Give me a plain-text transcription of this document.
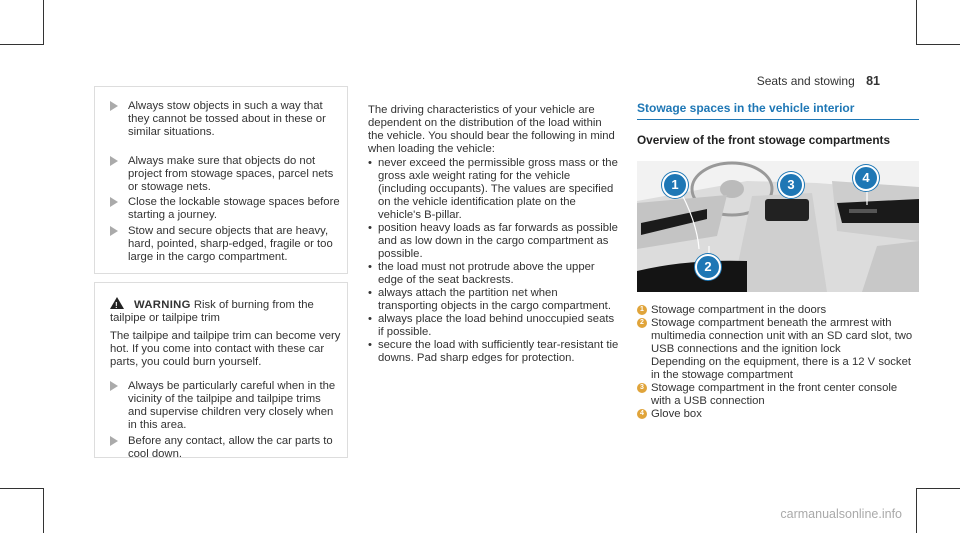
Seats and stowing 81
Always stow objects in such a way that they cannot be tossed about in these or similar situations.
Always make sure that objects do not project from stowage spaces, parcel nets or stowage nets.
Close the lockable stowage spaces before starting a journey.
Stow and secure objects that are heavy, hard, pointed, sharp-edged, fragile or too large in the cargo compartment.
!WARNING Risk of burning from the tailpipe or tailpipe trim
The tailpipe and tailpipe trim can become very hot. If you come into contact with these car parts, you could burn yourself.
Always be particularly careful when in the vicinity of the tailpipe and tailpipe trims and supervise children very closely when in this area.
Before any contact, allow the car parts to cool down.
The driving characteristics of your vehicle are dependent on the distribution of the load within the vehicle. You should bear the following in mind when loading the vehicle:
• never exceed the permissible gross mass or the gross axle weight rating for the vehicle (including occupants). The values are specified on the vehicle identification plate on the vehicle's B-pillar.
• position heavy loads as far forwards as possible and as low down in the cargo compartment as possible.
• the load must not protrude above the upper edge of the seat backrests.
• always attach the partition net when transporting objects in the cargo compartment.
• always place the load behind unoccupied seats if possible.
• secure the load with sufficiently tear-resistant tie downs. Pad sharp edges for protection.
Stowage spaces in the vehicle interior
Overview of the front stowage compartments
1
2
3	4
1 Stowage compartment in the doors
2 Stowage compartment beneath the armrest with multimedia connection unit with an SD card slot, two USB connections and the ignition lock
Depending on the equipment, there is a 12 V socket in the stowage compartment
3 Stowage compartment in the front center console with a USB connection
4 Glove box
carmanualsonline.info
